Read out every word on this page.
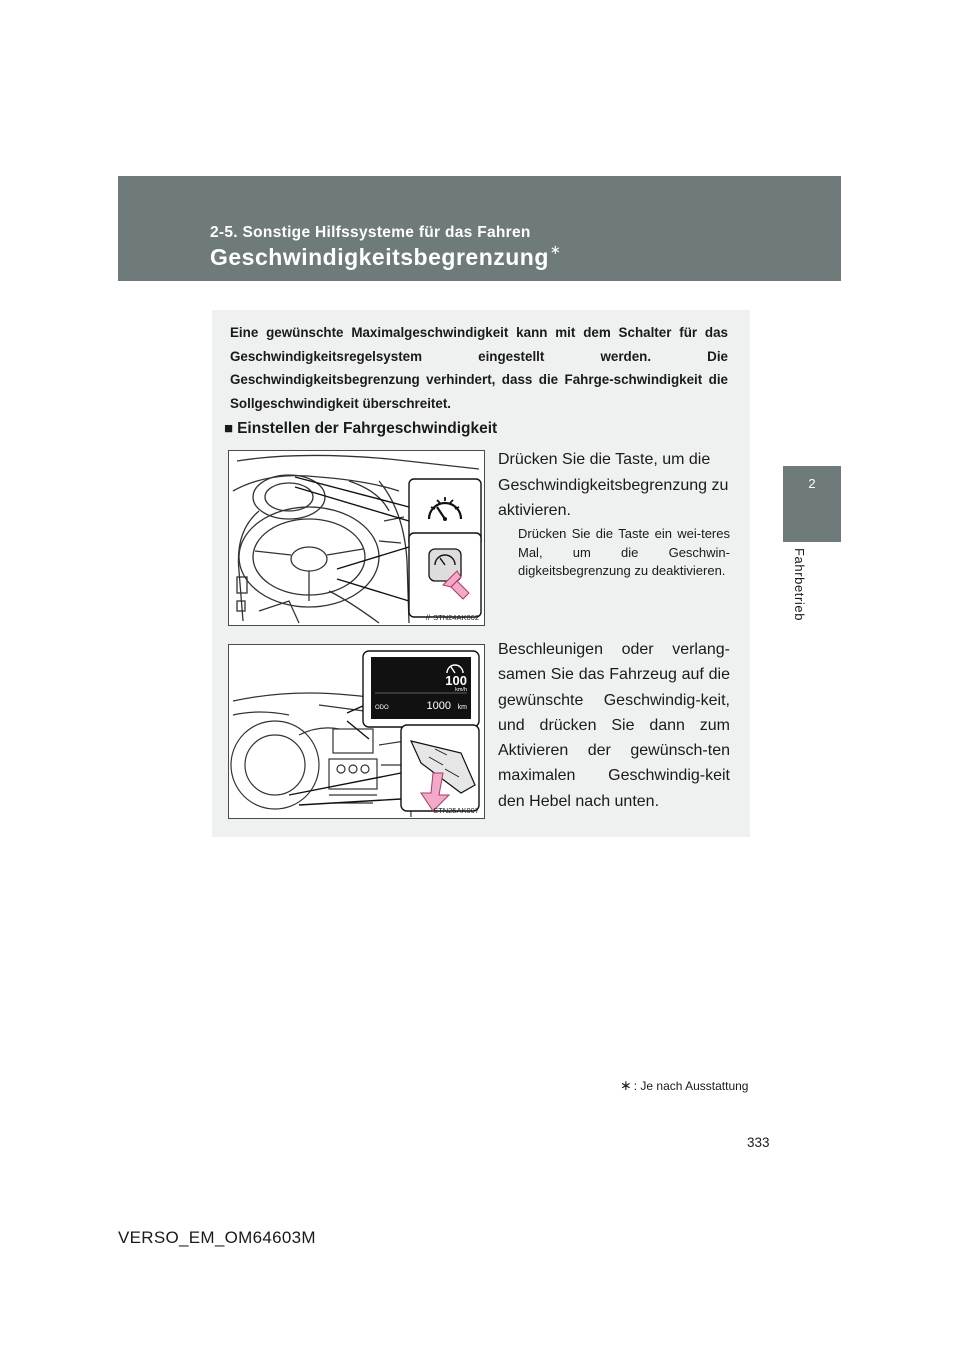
2-5. Sonstige Hilfssysteme für das Fahren
Geschwindigkeitsbegrenzung∗
2
Fahrbetrieb

Eine gewünschte Maximalgeschwindigkeit kann mit dem Schalter für das Geschwindigkeitsregelsystem eingestellt werden. Die Geschwindigkeitsbegrenzung verhindert, dass die Fahrge-schwindigkeit die Sollgeschwindigkeit überschreitet.

■ Einstellen der Fahrgeschwindigkeit
// STN24AK062
100
km/h
ODO	1000 km
STN25AK007

Drücken Sie die Taste, um die Geschwindigkeitsbegrenzung zu aktivieren.

Drücken Sie die Taste ein wei-teres Mal, um die Geschwin-digkeitsbegrenzung zu deaktivieren.

Beschleunigen oder verlang-samen Sie das Fahrzeug auf die gewünschte Geschwindig-keit, und drücken Sie dann zum Aktivieren der gewünsch-ten maximalen Geschwindig-keit den Hebel nach unten.

∗ : Je nach Ausstattung
333
VERSO_EM_OM64603M
